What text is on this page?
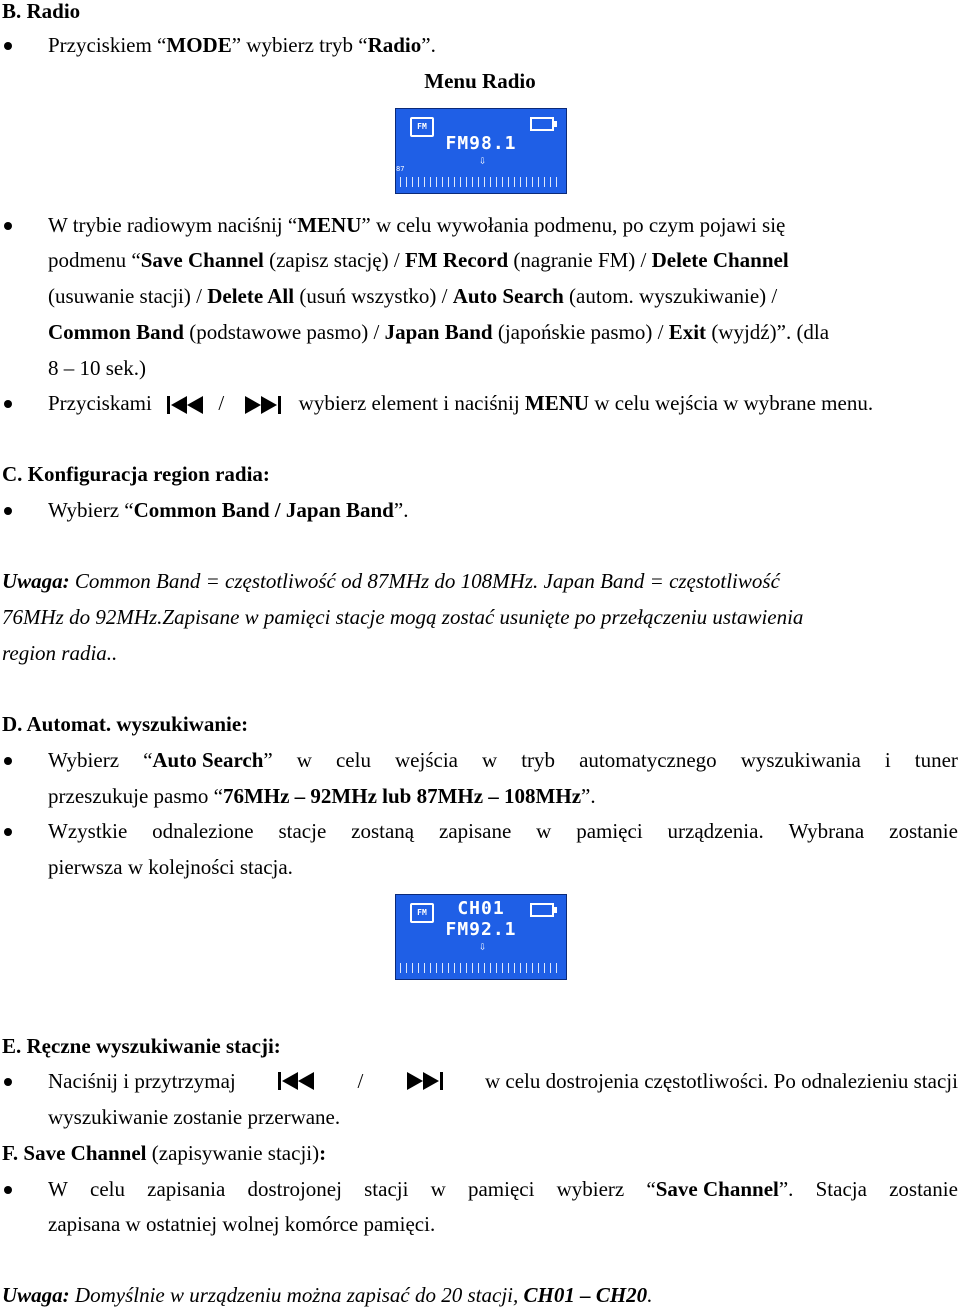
B. Radio
Przyciskiem “MODE” wybierz tryb “Radio”.
Menu Radio
FM
FM98.1
⇩
87
W trybie radiowym naciśnij “MENU” w celu wywołania podmenu, po czym pojawi się
podmenu “Save Channel (zapisz stację) / FM Record (nagranie FM) / Delete Channel
(usuwanie stacji) / Delete All (usuń wszystko) / Auto Search (autom. wyszukiwanie) /
Common Band (podstawowe pasmo) / Japan Band (japońskie pasmo) / Exit (wyjdź)”. (dla
8 – 10 sek.)
Przyciskami	/	wybierz element i naciśnij MENU w celu wejścia w wybrane menu.
C. Konfiguracja region radia:
Wybierz “Common Band / Japan Band”.
Uwaga: Common Band = częstotliwość od 87MHz do 108MHz. Japan Band = częstotliwość
76MHz do 92MHz.Zapisane w pamięci stacje mogą zostać usunięte po przełączeniu ustawienia
region radia..
D. Automat. wyszukiwanie:
Wybierz “Auto Search” w celu wejścia w tryb automatycznego wyszukiwania i tuner
przeszukuje pasmo “76MHz – 92MHz lub 87MHz – 108MHz”.
Wzystkie odnalezione stacje zostaną zapisane w pamięci urządzenia. Wybrana zostanie
pierwsza w kolejności stacja.
FM	CH01
FM92.1
⇩
E. Ręczne wyszukiwanie stacji:
Naciśnij i przytrzymaj	/	w celu dostrojenia częstotliwości. Po odnalezieniu stacji
wyszukiwanie zostanie przerwane.
F. Save Channel (zapisywanie stacji):
W celu zapisania dostrojonej stacji w pamięci wybierz “Save Channel”. Stacja zostanie
zapisana w ostatniej wolnej komórce pamięci.
Uwaga: Domyślnie w urządzeniu można zapisać do 20 stacji, CH01 – CH20.
